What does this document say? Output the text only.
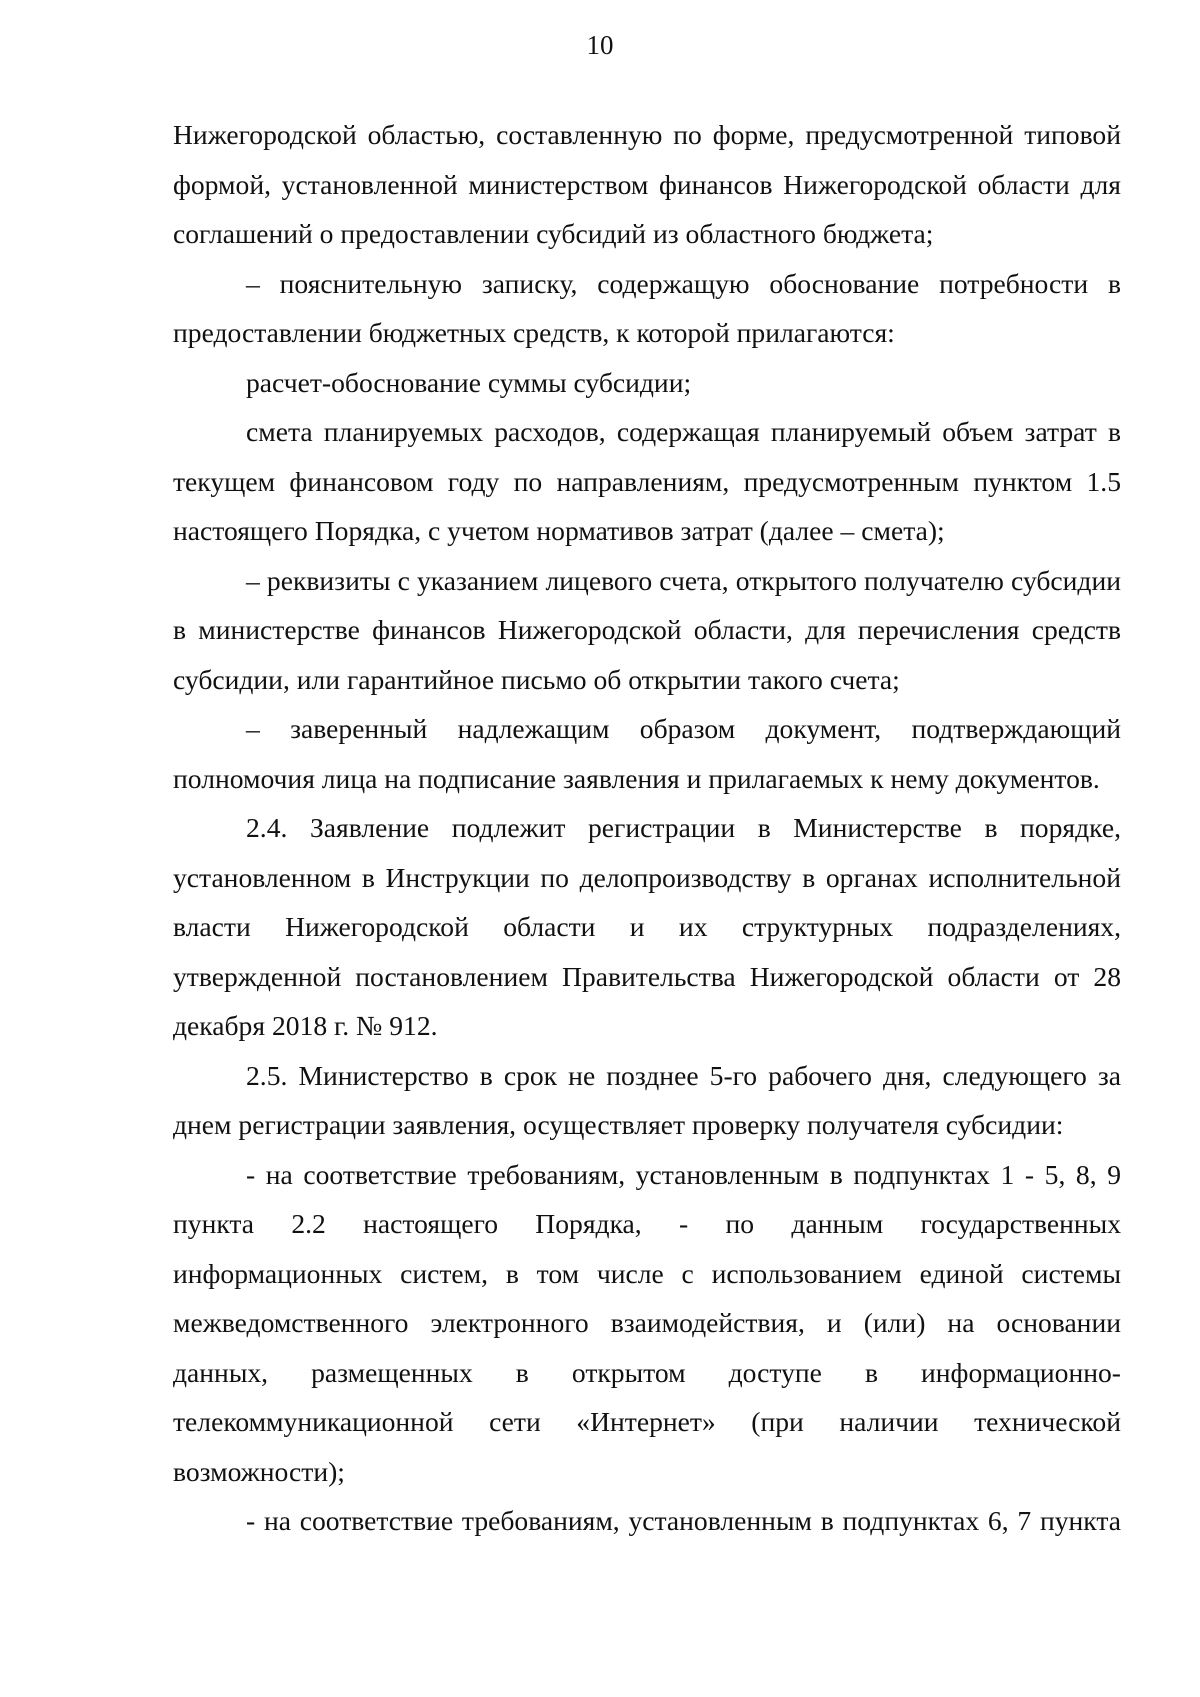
10

Нижегородской областью, составленную по форме, предусмотренной типовой формой, установленной министерством финансов Нижегородской области для соглашений о предоставлении субсидий из областного бюджета;

– пояснительную записку, содержащую обоснование потребности в предоставлении бюджетных средств, к которой прилагаются:

расчет-обоснование суммы субсидии;

смета планируемых расходов, содержащая планируемый объем затрат в текущем финансовом году по направлениям, предусмотренным пунктом 1.5 настоящего Порядка, с учетом нормативов затрат (далее – смета);

– реквизиты с указанием лицевого счета, открытого получателю субсидии в министерстве финансов Нижегородской области, для перечисления средств субсидии, или гарантийное письмо об открытии такого счета;

– заверенный надлежащим образом документ, подтверждающий полномочия лица на подписание заявления и прилагаемых к нему документов.

2.4. Заявление подлежит регистрации в Министерстве в порядке, установленном в Инструкции по делопроизводству в органах исполнительной власти Нижегородской области и их структурных подразделениях, утвержденной постановлением Правительства Нижегородской области от 28 декабря 2018 г. № 912.

2.5. Министерство в срок не позднее 5-го рабочего дня, следующего за днем регистрации заявления, осуществляет проверку получателя субсидии:

- на соответствие требованиям, установленным в подпунктах 1 - 5, 8, 9 пункта 2.2 настоящего Порядка, - по данным государственных информационных систем, в том числе с использованием единой системы межведомственного электронного взаимодействия, и (или) на основании данных, размещенных в открытом доступе в информационно-телекоммуникационной сети «Интернет» (при наличии технической возможности);

- на соответствие требованиям, установленным в подпунктах 6, 7 пункта
